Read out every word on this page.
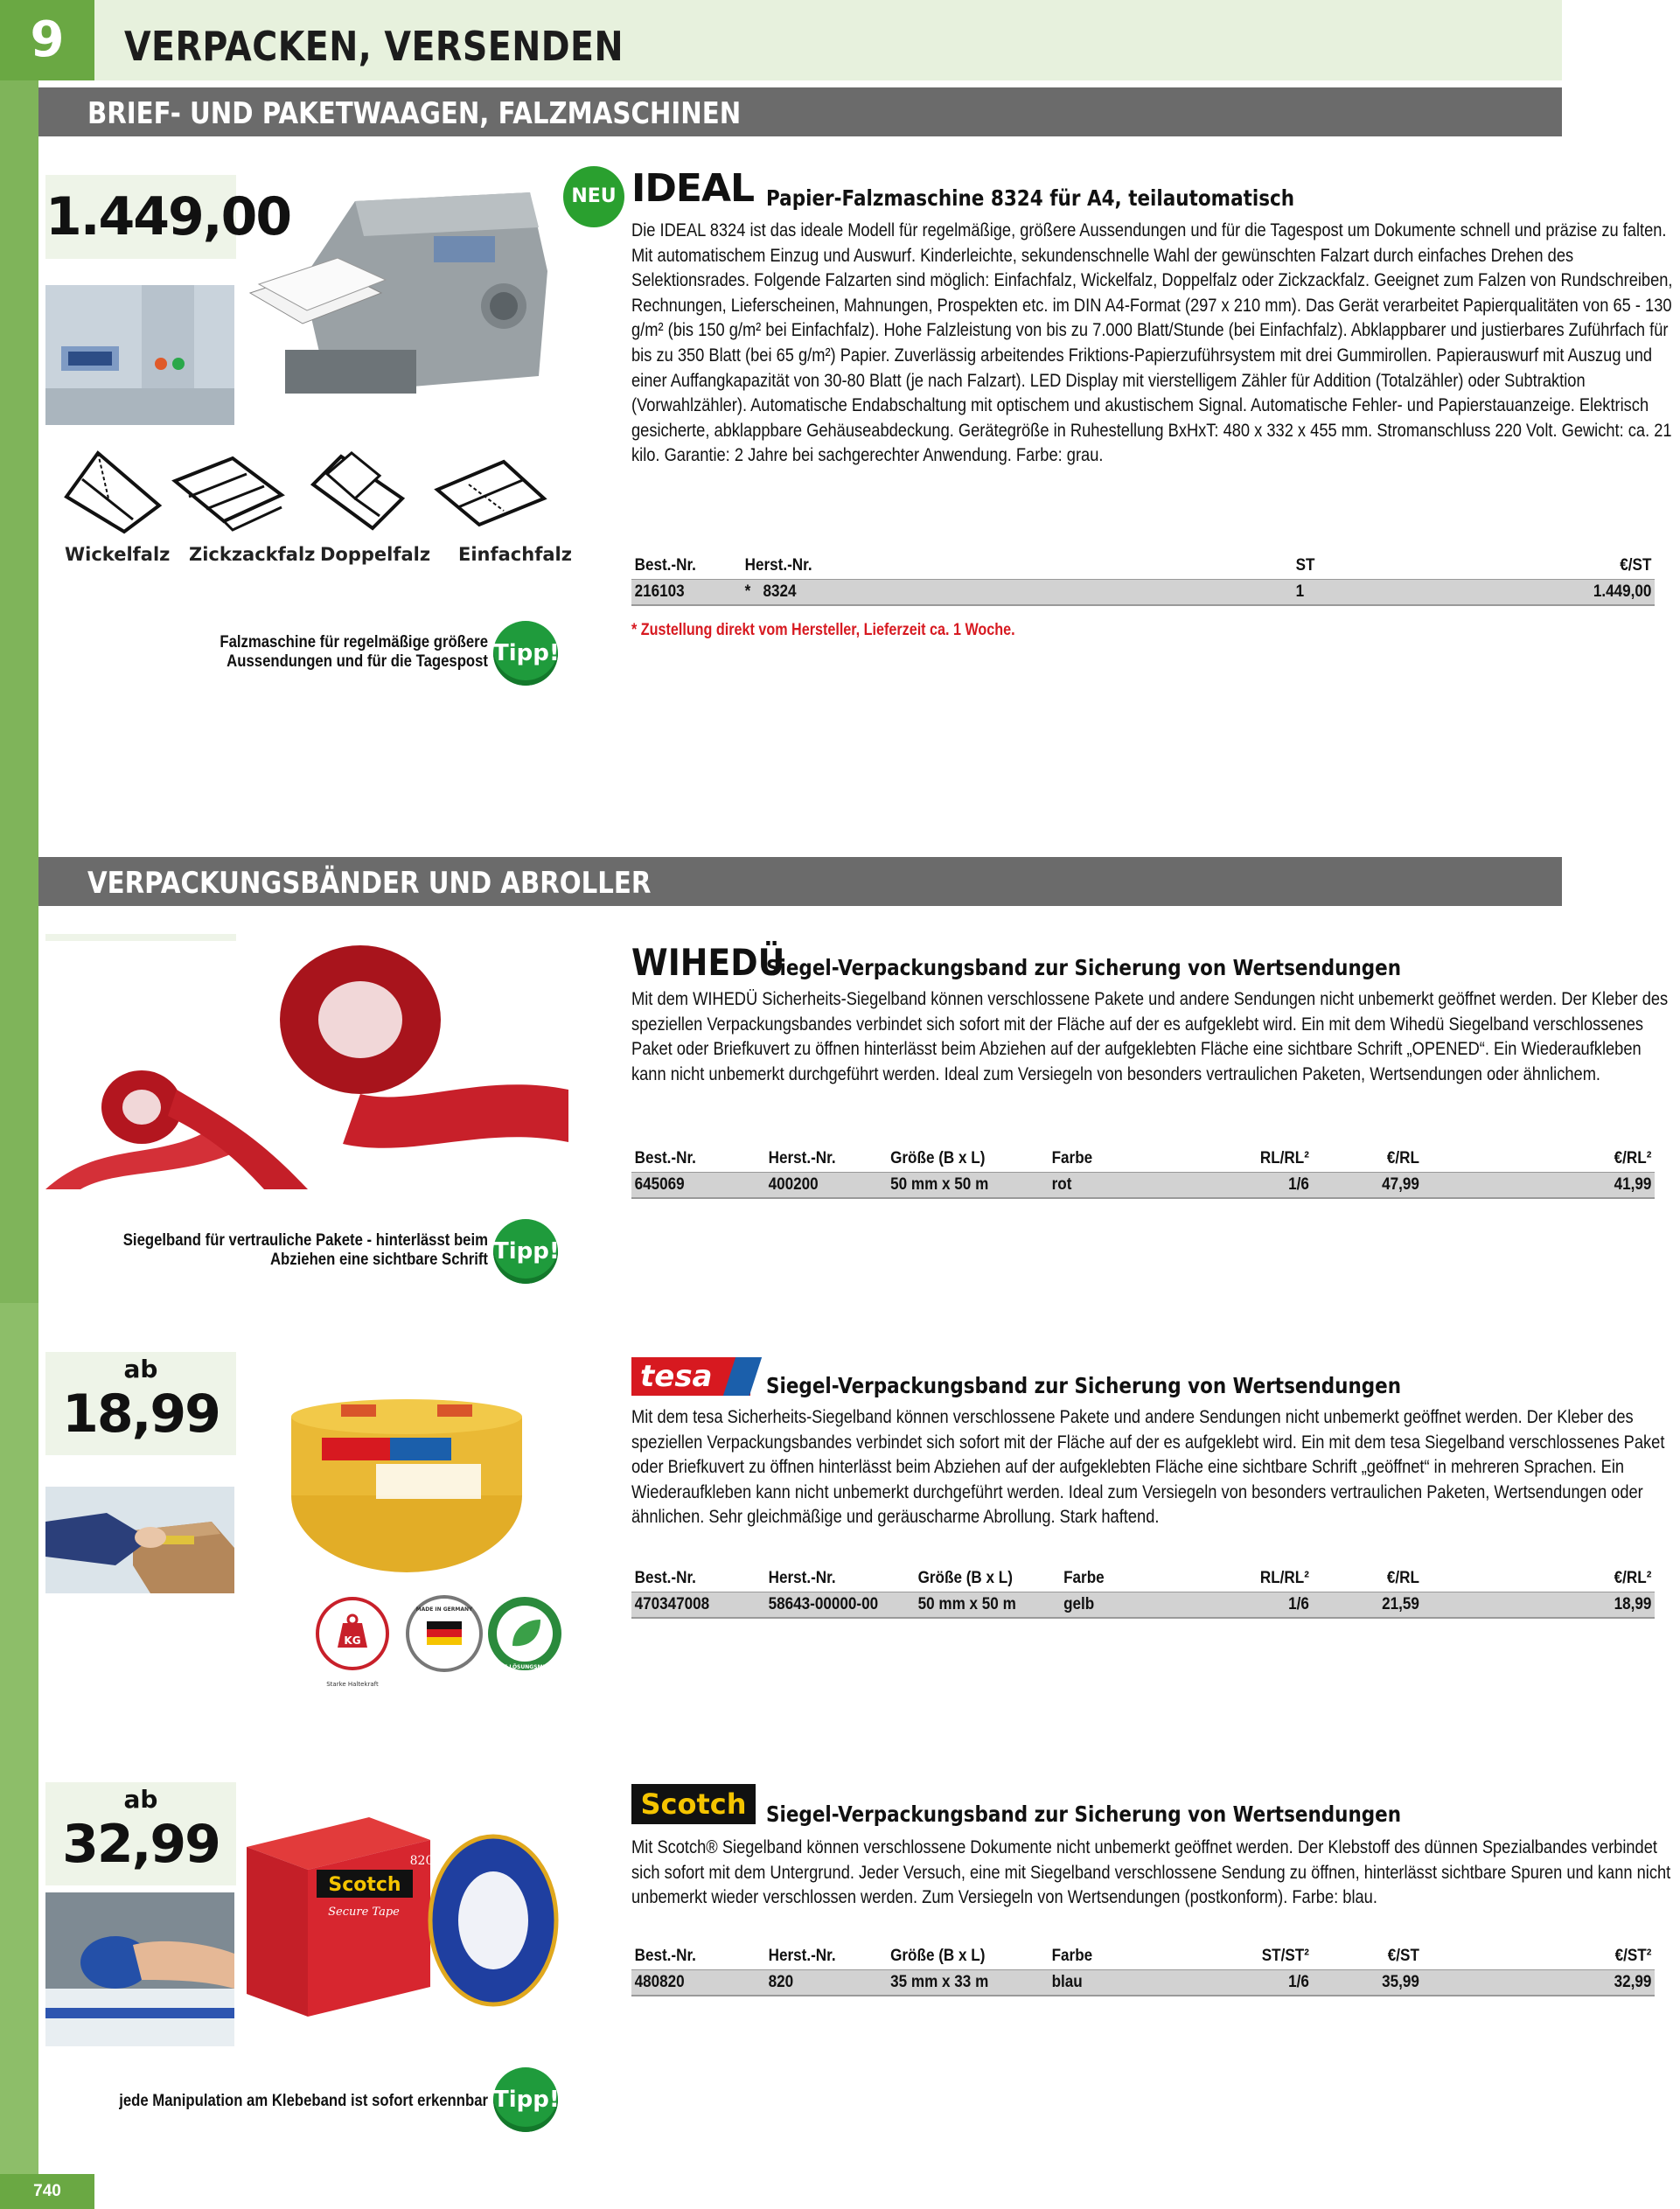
9	VERPACKEN, VERSENDEN
BRIEF- UND PAKETWAAGEN, FALZMASCHINEN
1.449,00
Wickelfalz Zickzackfalz Doppelfalz Einfachfalz
Falzmaschine für regelmäßige größere Aussendungen und für die Tagespost Tipp!
NEU IDEAL Papier-Falzmaschine 8324 für A4, teilautomatisch
Die IDEAL 8324 ist das ideale Modell für regelmäßige, größere Aussendungen und für die Tagespost um Dokumente schnell und präzise zu falten. Mit automatischem Einzug und Auswurf. Kinderleichte, sekundenschnelle Wahl der gewünschten Falzart durch einfaches Drehen des Selektionsrades. Folgende Falzarten sind möglich: Einfachfalz, Wickelfalz, Doppelfalz oder Zickzackfalz. Geeignet zum Falzen von Rundschreiben, Rechnungen, Lieferscheinen, Mahnungen, Prospekten etc. im DIN A4-Format (297 x 210 mm). Das Gerät verarbeitet Papierqualitäten von 65 - 130 g/m² (bis 150 g/m² bei Einfachfalz). Hohe Falzleistung von bis zu 7.000 Blatt/Stunde (bei Einfachfalz). Abklappbarer und justierbares Zuführfach für bis zu 350 Blatt (bei 65 g/m²) Papier. Zuverlässig arbeitendes Friktions-Papierzuführsystem mit drei Gummirollen. Papierauswurf mit Auszug und einer Auffangkapazität von 30-80 Blatt (je nach Falzart). LED Display mit vierstelligem Zähler für Addition (Totalzähler) oder Subtraktion (Vorwahlzähler). Automatische Endabschaltung mit optischem und akustischem Signal. Automatische Fehler- und Papierstauanzeige. Elektrisch gesicherte, abklappbare Gehäuseabdeckung. Gerätegröße in Ruhestellung BxHxT: 480 x 332 x 455 mm. Stromanschluss 220 Volt. Gewicht: ca. 21 kilo. Garantie: 2 Jahre bei sachgerechter Anwendung. Farbe: grau.
Best.-Nr.	Herst.-Nr.	ST	€/ST
216103	* 8324	1	1.449,00
* Zustellung direkt vom Hersteller, Lieferzeit ca. 1 Woche.
VERPACKUNGSBÄNDER UND ABROLLER
Siegelband für vertrauliche Pakete - hinterlässt beim Abziehen eine sichtbare Schrift Tipp!
WIHEDÜ
Siegel-Verpackungsband zur Sicherung von Wertsendungen
Mit dem WIHEDÜ Sicherheits-Siegelband können verschlossene Pakete und andere Sendungen nicht unbemerkt geöffnet werden. Der Kleber des speziellen Verpackungsbandes verbindet sich sofort mit der Fläche auf der es aufgeklebt wird. Ein mit dem Wihedü Siegelband verschlossenes Paket oder Briefkuvert zu öffnen hinterlässt beim Abziehen auf der aufgeklebten Fläche eine sichtbare Schrift „OPENED“. Ein Wiederaufkleben kann nicht unbemerkt durchgeführt werden. Ideal zum Versiegeln von besonders vertraulichen Paketen, Wertsendungen oder ähnlichem.
Best.-Nr.	Herst.-Nr.	Größe (B x L)	Farbe	RL/RL²	€/RL	€/RL²
645069	400200	50 mm x 50 m	rot	1/6	47,99	41,99
ab
18,99
KG
Starke Haltekraft
MADE IN GERMANY
OHNE LÖSUNGSMITTEL
tesa	Siegel-Verpackungsband zur Sicherung von Wertsendungen
Mit dem tesa Sicherheits-Siegelband können verschlossene Pakete und andere Sendungen nicht unbemerkt geöffnet werden. Der Kleber des speziellen Verpackungsbandes verbindet sich sofort mit der Fläche auf der es aufgeklebt wird. Ein mit dem tesa Siegelband verschlossenes Paket oder Briefkuvert zu öffnen hinterlässt beim Abziehen auf der aufgeklebten Fläche eine sichtbare Schrift „geöffnet“ in mehreren Sprachen. Ein Wiederaufkleben kann nicht unbemerkt durchgeführt werden. Ideal zum Versiegeln von besonders vertraulichen Paketen, Wertsendungen oder ähnlichen. Sehr gleichmäßige und geräuscharme Abrollung. Stark haftend.
Best.-Nr.	Herst.-Nr.	Größe (B x L)	Farbe	RL/RL²	€/RL	€/RL²
470347008	58643-00000-00	50 mm x 50 m	gelb	1/6	21,59	18,99
ab
32,99
Scotch
820
Secure Tape
jede Manipulation am Klebeband ist sofort erkennbar Tipp!
Scotch Siegel-Verpackungsband zur Sicherung von Wertsendungen
Mit Scotch® Siegelband können verschlossene Dokumente nicht unbemerkt geöffnet werden. Der Klebstoff des dünnen Spezialbandes verbindet sich sofort mit dem Untergrund. Jeder Versuch, eine mit Siegelband verschlossene Sendung zu öffnen, hinterlässt sichtbare Spuren und kann nicht unbemerkt wieder verschlossen werden. Zum Versiegeln von Wertsendungen (postkonform). Farbe: blau.
Best.-Nr.	Herst.-Nr.	Größe (B x L)	Farbe	ST/ST²	€/ST	€/ST²
480820	820	35 mm x 33 m	blau	1/6	35,99	32,99
740
